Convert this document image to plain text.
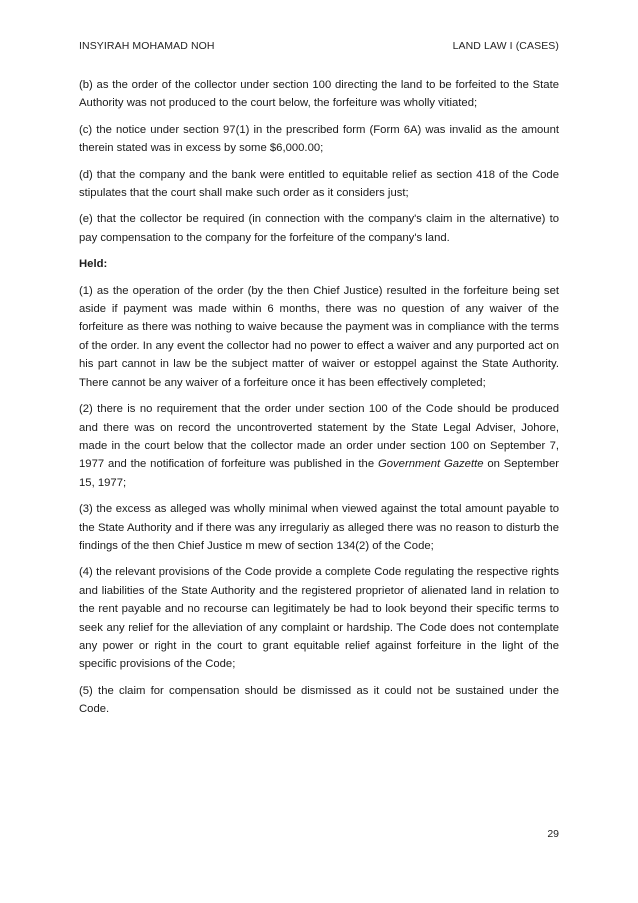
INSYIRAH MOHAMAD NOH	LAND LAW I (CASES)

(b) as the order of the collector under section 100 directing the land to be forfeited to the State Authority was not produced to the court below, the forfeiture was wholly vitiated;

(c) the notice under section 97(1) in the prescribed form (Form 6A) was invalid as the amount therein stated was in excess by some $6,000.00;

(d) that the company and the bank were entitled to equitable relief as section 418 of the Code stipulates that the court shall make such order as it considers just;

(e) that the collector be required (in connection with the company's claim in the alternative) to pay compensation to the company for the forfeiture of the company's land.

Held:

(1) as the operation of the order (by the then Chief Justice) resulted in the forfeiture being set aside if payment was made within 6 months, there was no question of any waiver of the forfeiture as there was nothing to waive because the payment was in compliance with the terms of the order. In any event the collector had no power to effect a waiver and any purported act on his part cannot in law be the subject matter of waiver or estoppel against the State Authority. There cannot be any waiver of a forfeiture once it has been effectively completed;

(2) there is no requirement that the order under section 100 of the Code should be produced and there was on record the uncontroverted statement by the State Legal Adviser, Johore, made in the court below that the collector made an order under section 100 on September 7, 1977 and the notification of forfeiture was published in the Government Gazette on September 15, 1977;

(3) the excess as alleged was wholly minimal when viewed against the total amount payable to the State Authority and if there was any irregulariy as alleged there was no reason to disturb the findings of the then Chief Justice m mew of section 134(2) of the Code;

(4) the relevant provisions of the Code provide a complete Code regulating the respective rights and liabilities of the State Authority and the registered proprietor of alienated land in relation to the rent payable and no recourse can legitimately be had to look beyond their specific terms to seek any relief for the alleviation of any complaint or hardship. The Code does not contemplate any power or right in the court to grant equitable relief against forfeiture in the light of the specific provisions of the Code;

(5) the claim for compensation should be dismissed as it could not be sustained under the Code.

29
